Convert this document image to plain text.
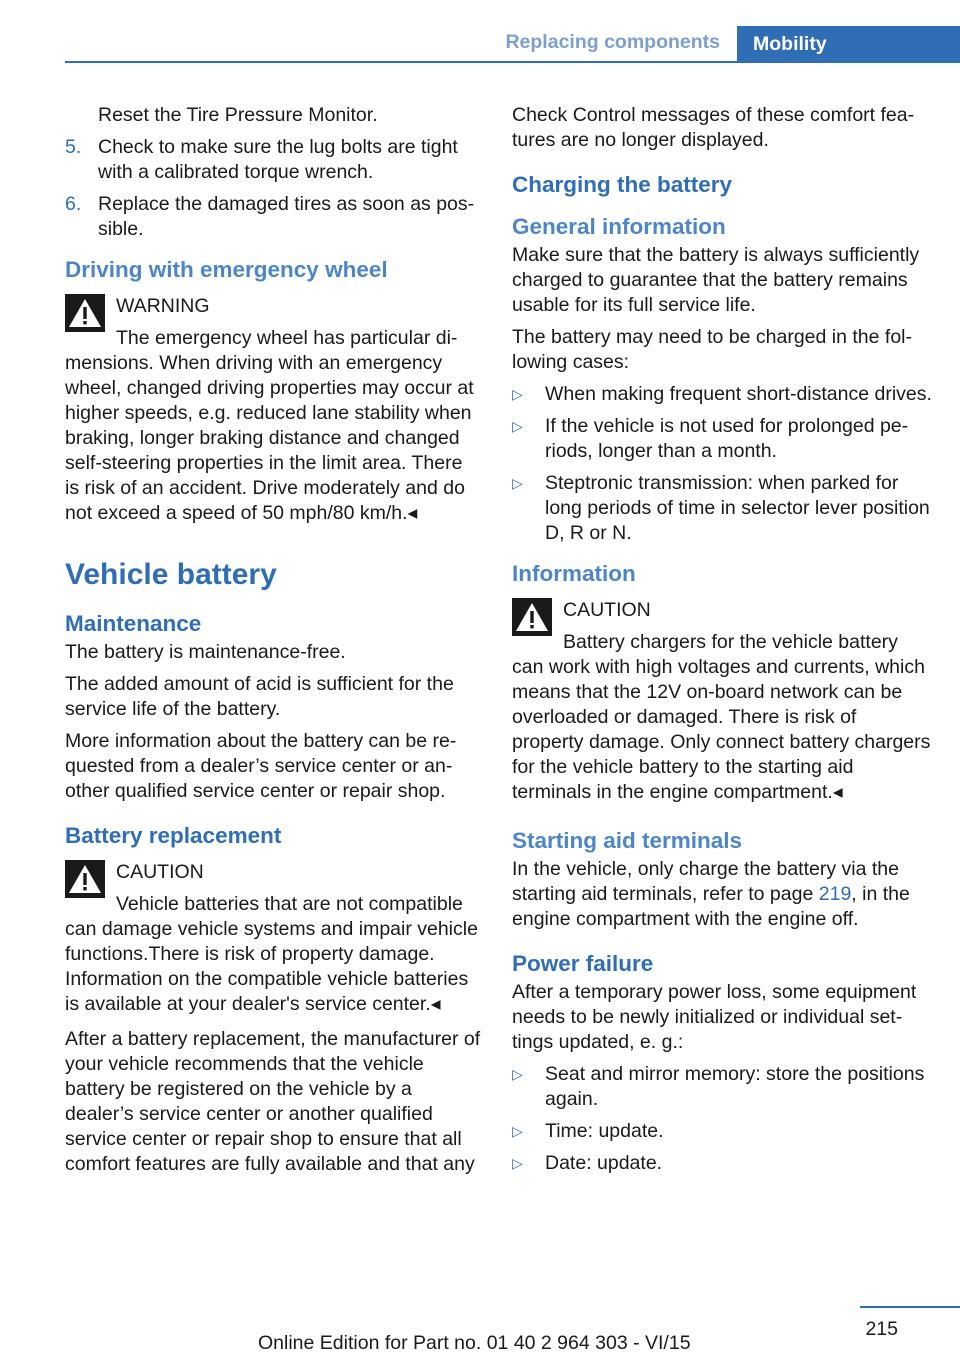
Replacing components	Mobility

Reset the Tire Pressure Monitor.

5. Check to make sure the lug bolts are tight with a calibrated torque wrench.
6. Replace the damaged tires as soon as possible.
Driving with emergency wheel
WARNING

The emergency wheel has particular dimensions. When driving with an emergency wheel, changed driving properties may occur at higher speeds, e.g. reduced lane stability when braking, longer braking distance and changed self-steering properties in the limit area. There is risk of an accident. Drive moderately and do not exceed a speed of 50 mph/80 km/h.◂

Vehicle battery
Maintenance

The battery is maintenance-free.

The added amount of acid is sufficient for the service life of the battery.

More information about the battery can be requested from a dealer’s service center or another qualified service center or repair shop.

Battery replacement
CAUTION

Vehicle batteries that are not compatible can damage vehicle systems and impair vehicle functions.There is risk of property damage. Information on the compatible vehicle batteries is available at your dealer's service center.◂

After a battery replacement, the manufacturer of your vehicle recommends that the vehicle battery be registered on the vehicle by a dealer’s service center or another qualified service center or repair shop to ensure that all comfort features are fully available and that any

Check Control messages of these comfort features are no longer displayed.

Charging the battery
General information

Make sure that the battery is always sufficiently charged to guarantee that the battery remains usable for its full service life.

The battery may need to be charged in the following cases:

▷ When making frequent short-distance drives.
▷ If the vehicle is not used for prolonged periods, longer than a month.
▷ Steptronic transmission: when parked for long periods of time in selector lever position D, R or N.
Information
CAUTION

Battery chargers for the vehicle battery can work with high voltages and currents, which means that the 12V on-board network can be overloaded or damaged. There is risk of property damage. Only connect battery chargers for the vehicle battery to the starting aid terminals in the engine compartment.◂

Starting aid terminals

In the vehicle, only charge the battery via the starting aid terminals, refer to page 219, in the engine compartment with the engine off.

Power failure

After a temporary power loss, some equipment needs to be newly initialized or individual settings updated, e. g.:

▷ Seat and mirror memory: store the positions again.
▷ Time: update.
▷ Date: update.
215
Online Edition for Part no. 01 40 2 964 303 - VI/15
